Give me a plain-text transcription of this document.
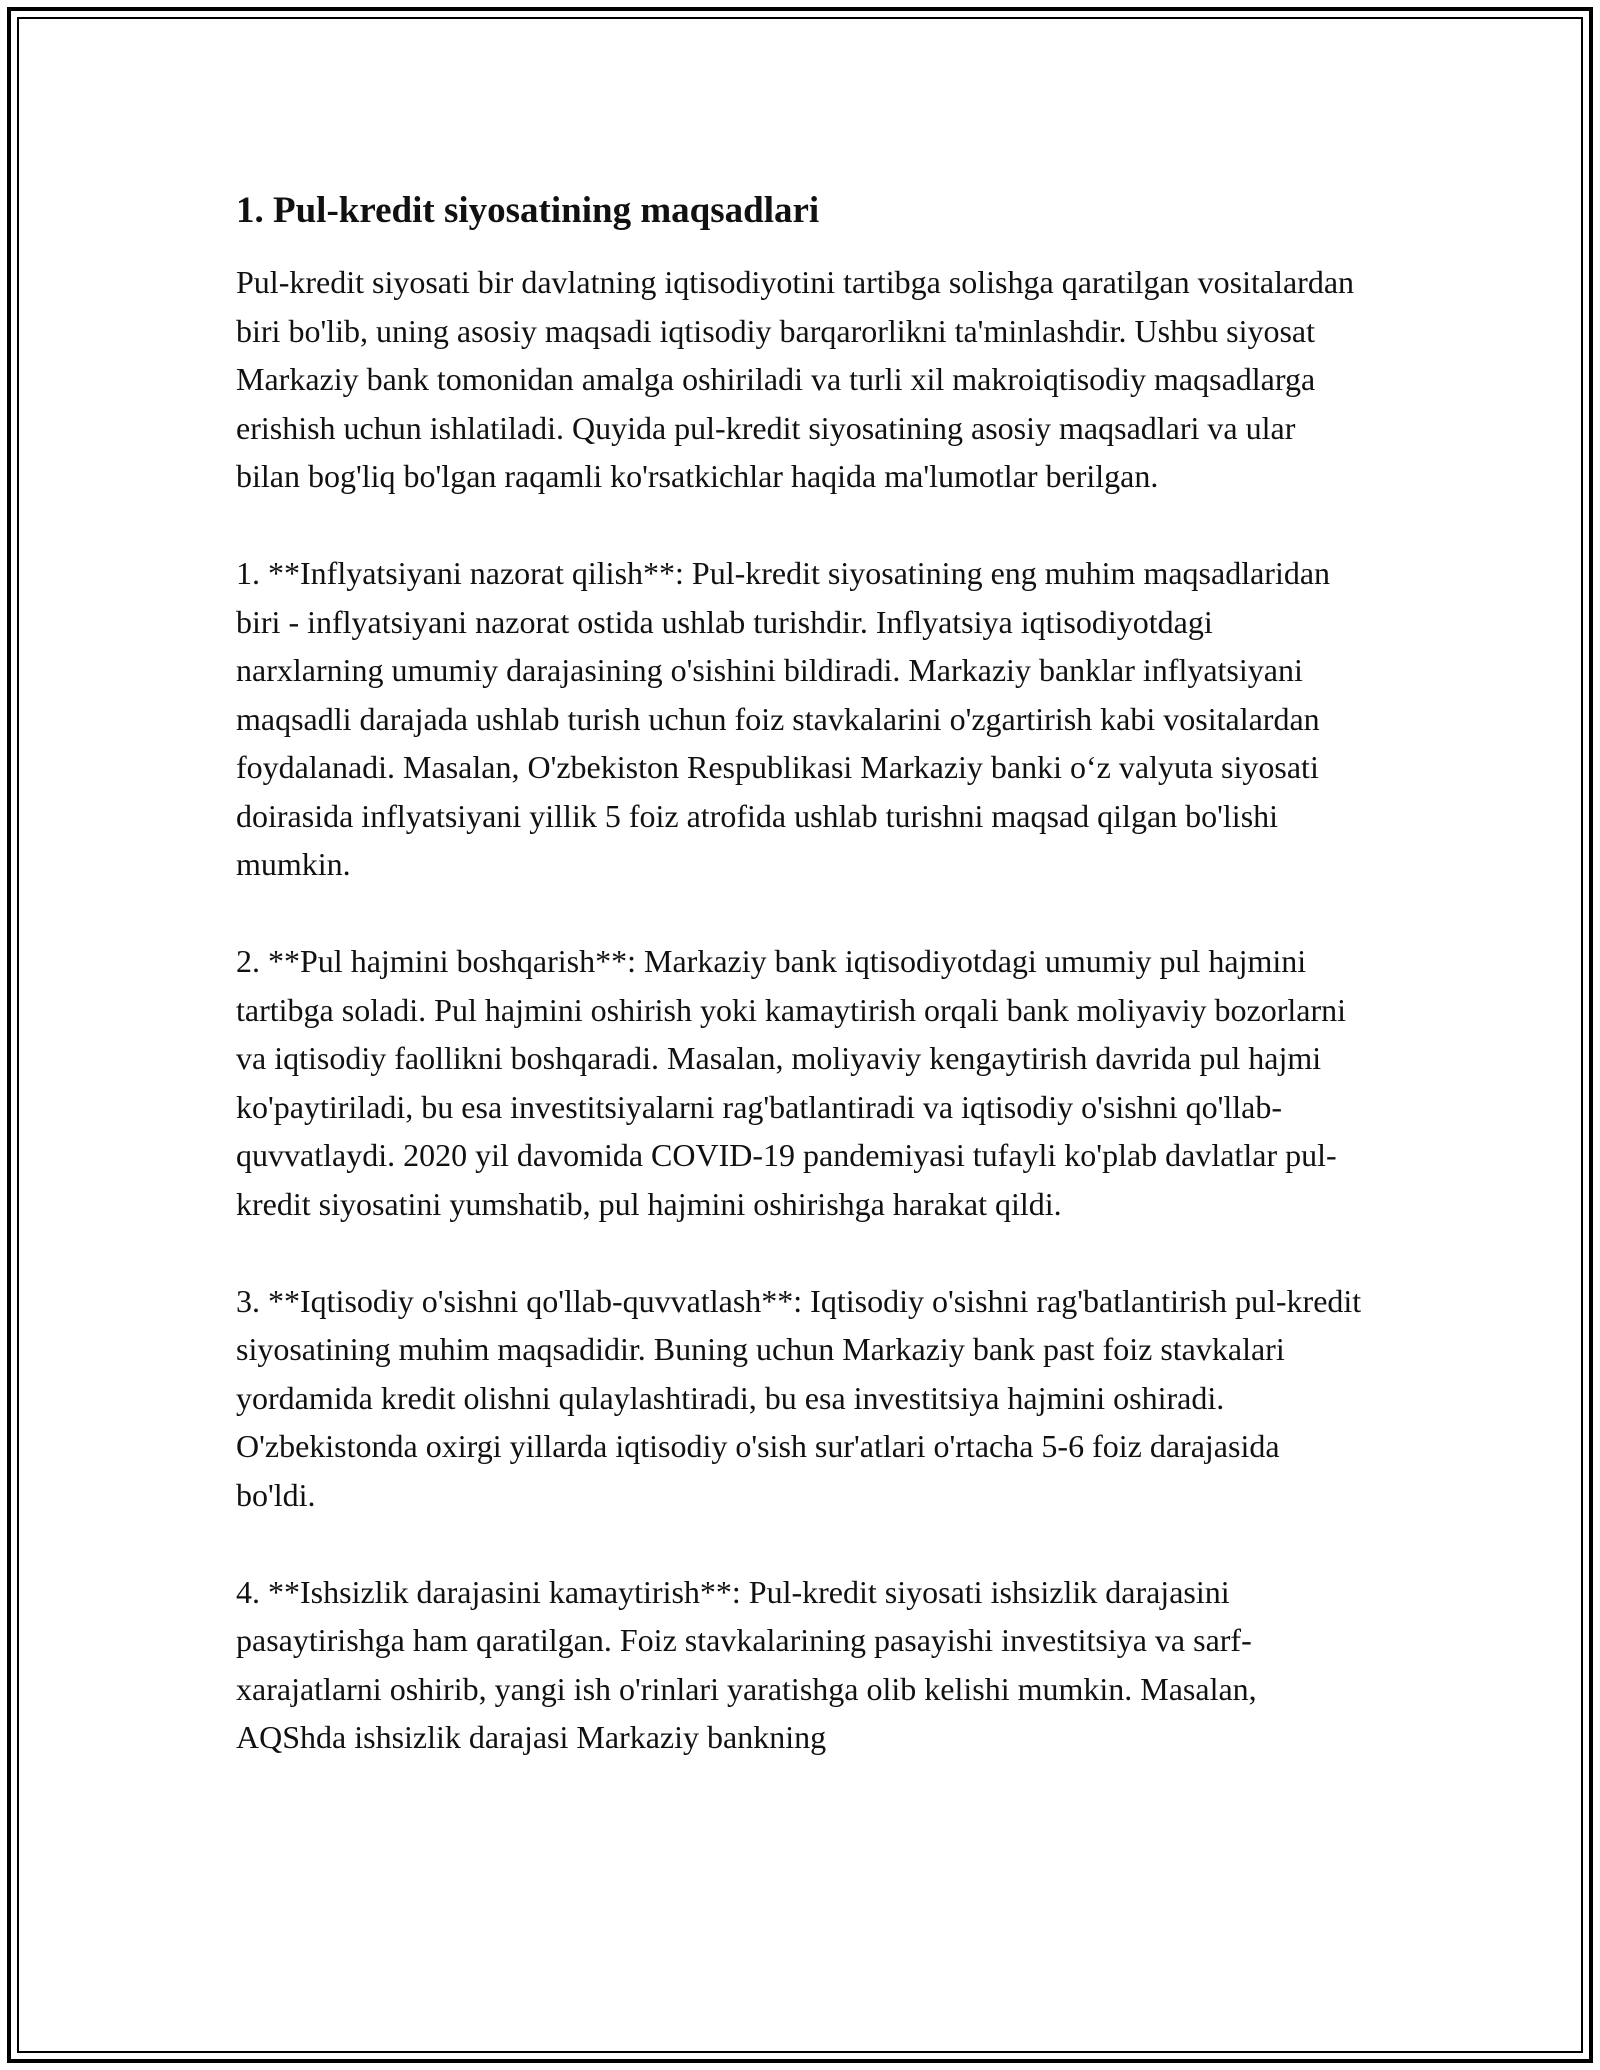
1. Pul-kredit siyosatining maqsadlari

Pul-kredit siyosati bir davlatning iqtisodiyotini tartibga solishga qaratilgan vositalardan biri bo'lib, uning asosiy maqsadi iqtisodiy barqarorlikni ta'minlashdir. Ushbu siyosat Markaziy bank tomonidan amalga oshiriladi va turli xil makroiqtisodiy maqsadlarga erishish uchun ishlatiladi. Quyida pul-kredit siyosatining asosiy maqsadlari va ular bilan bog'liq bo'lgan raqamli ko'rsatkichlar haqida ma'lumotlar berilgan.

1. **Inflyatsiyani nazorat qilish**: Pul-kredit siyosatining eng muhim maqsadlaridan biri - inflyatsiyani nazorat ostida ushlab turishdir. Inflyatsiya iqtisodiyotdagi narxlarning umumiy darajasining o'sishini bildiradi. Markaziy banklar inflyatsiyani maqsadli darajada ushlab turish uchun foiz stavkalarini o'zgartirish kabi vositalardan foydalanadi. Masalan, O'zbekiston Respublikasi Markaziy banki o‘z valyuta siyosati doirasida inflyatsiyani yillik 5 foiz atrofida ushlab turishni maqsad qilgan bo'lishi mumkin.

2. **Pul hajmini boshqarish**: Markaziy bank iqtisodiyotdagi umumiy pul hajmini tartibga soladi. Pul hajmini oshirish yoki kamaytirish orqali bank moliyaviy bozorlarni va iqtisodiy faollikni boshqaradi. Masalan, moliyaviy kengaytirish davrida pul hajmi ko'paytiriladi, bu esa investitsiyalarni rag'batlantiradi va iqtisodiy o'sishni qo'llab-quvvatlaydi. 2020 yil davomida COVID-19 pandemiyasi tufayli ko'plab davlatlar pul-kredit siyosatini yumshatib, pul hajmini oshirishga harakat qildi.

3. **Iqtisodiy o'sishni qo'llab-quvvatlash**: Iqtisodiy o'sishni rag'batlantirish pul-kredit siyosatining muhim maqsadidir. Buning uchun Markaziy bank past foiz stavkalari yordamida kredit olishni qulaylashtiradi, bu esa investitsiya hajmini oshiradi. O'zbekistonda oxirgi yillarda iqtisodiy o'sish sur'atlari o'rtacha 5-6 foiz darajasida bo'ldi.

4. **Ishsizlik darajasini kamaytirish**: Pul-kredit siyosati ishsizlik darajasini pasaytirishga ham qaratilgan. Foiz stavkalarining pasayishi investitsiya va sarf-xarajatlarni oshirib, yangi ish o'rinlari yaratishga olib kelishi mumkin. Masalan, AQShda ishsizlik darajasi Markaziy bankning
